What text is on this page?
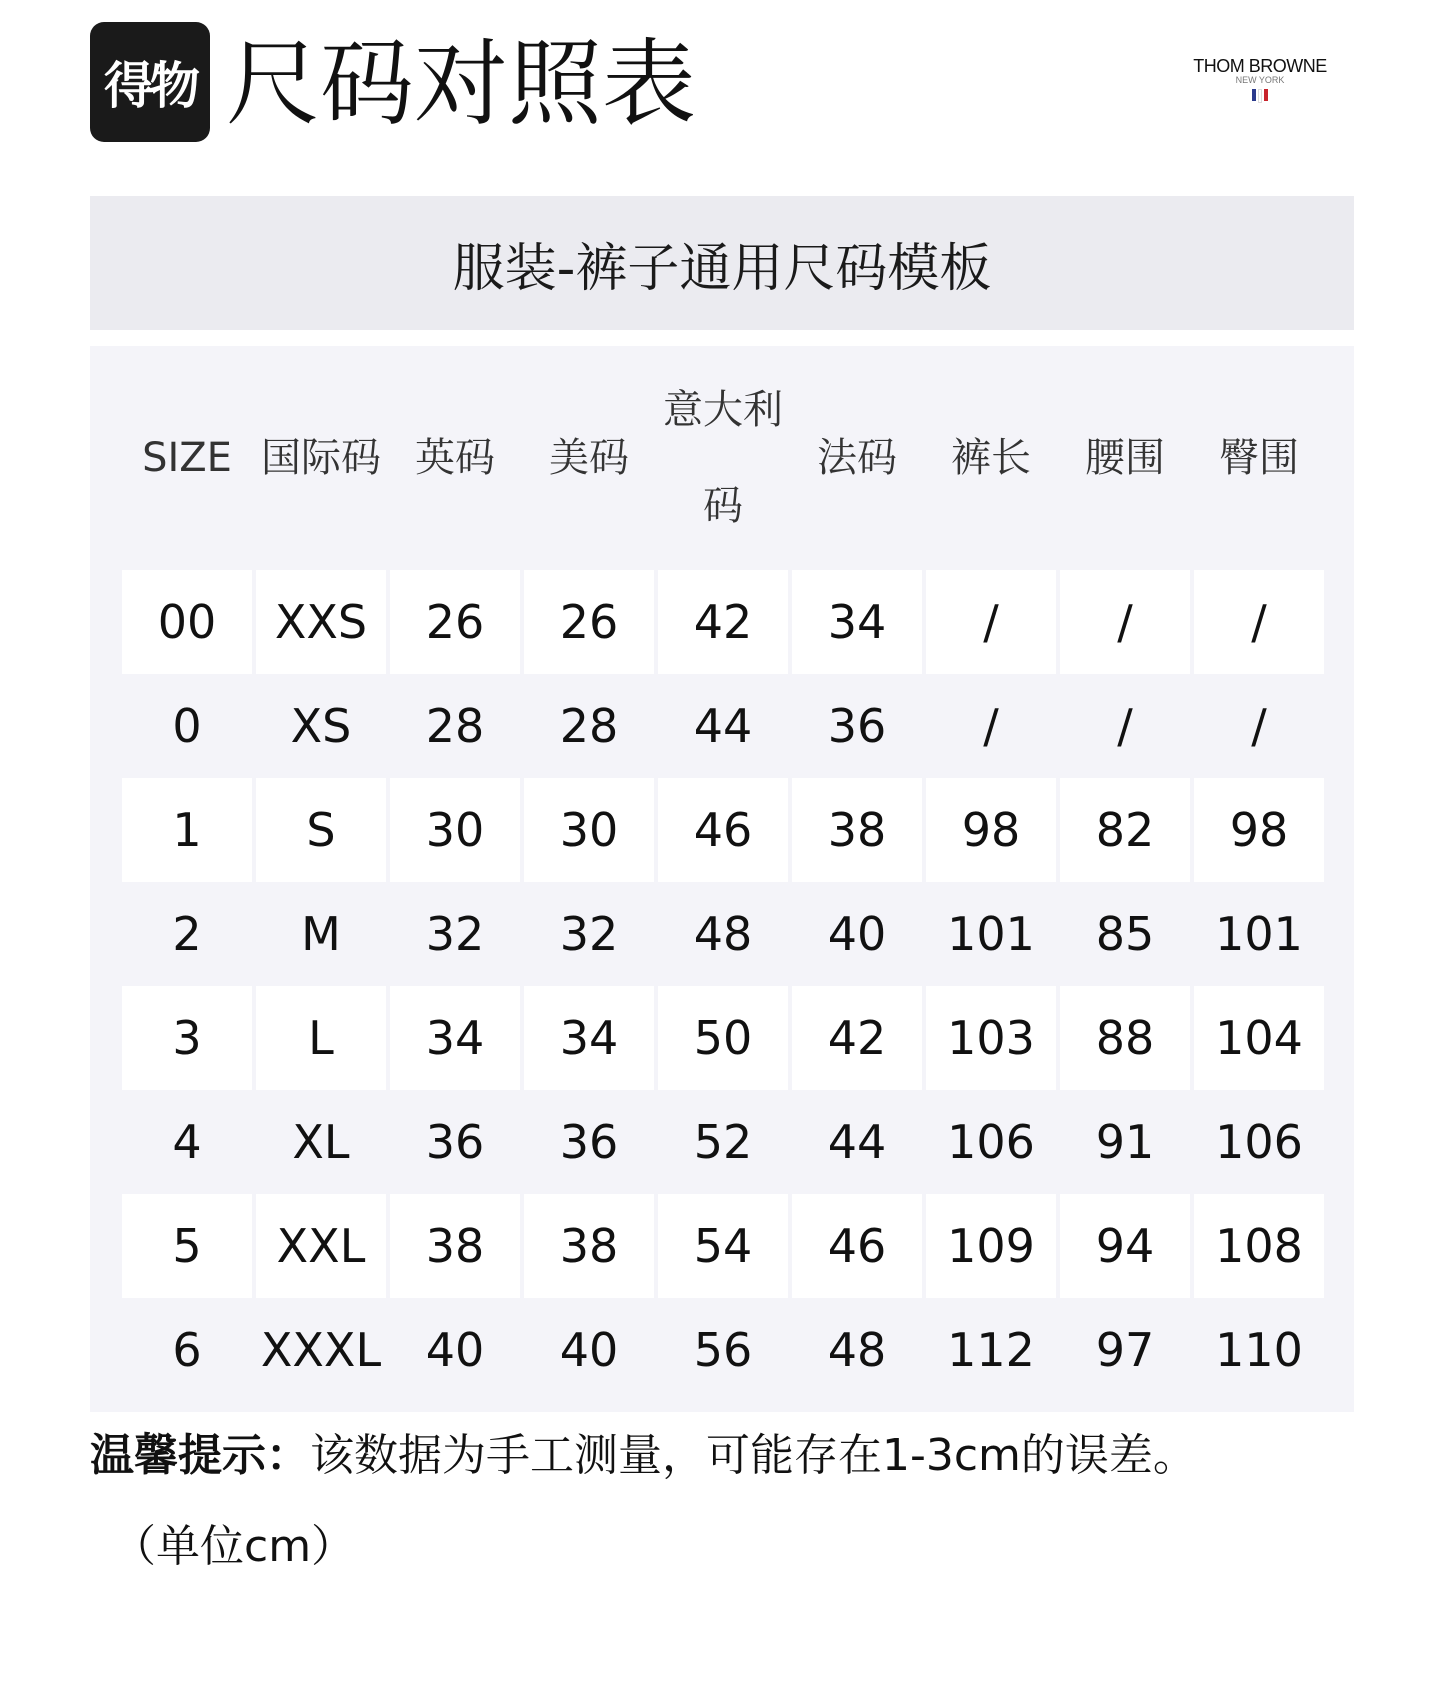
得物 尺码对照表	THOM BROWNE
NEW YORK
服装-裤子通用尺码模板
SIZE 国际码 英码 美码
意大利
码
法码 裤长 腰围 臀围
00	XXS	26	26	42	34	/	/	/
0	XS	28	28	44	36	/	/	/
1	S	30	30	46	38	98	82	98
2	M	32	32	48	40	101	85	101
3	L	34	34	50	42	103	88	104
4	XL	36	36	52	44	106	91	106
5	XXL	38	38	54	46	109	94	108
6	XXXL 40	40	56	48	112	97	110
温馨提示：该数据为手工测量，可能存在1-3cm的误差。
（单位cm）
